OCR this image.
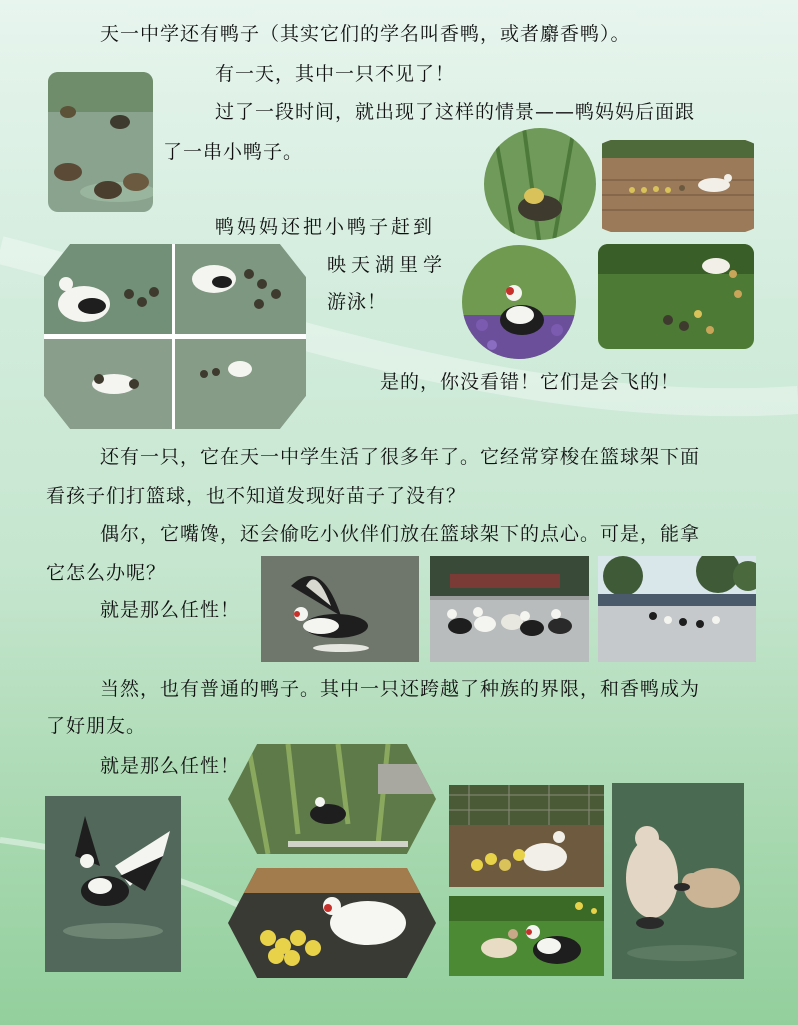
天一中学还有鸭子（其实它们的学名叫香鸭，或者麝香鸭）。
有一天，其中一只不见了！
过了一段时间，就出现了这样的情景——鸭妈妈后面跟
了一串小鸭子。
鸭妈妈还把小鸭子赶到
映天湖里学
游泳！
是的，你没看错！它们是会飞的！
还有一只，它在天一中学生活了很多年了。它经常穿梭在篮球架下面
看孩子们打篮球，也不知道发现好苗子了没有？
偶尔，它嘴馋，还会偷吃小伙伴们放在篮球架下的点心。可是，能拿
它怎么办呢？
就是那么任性！
当然，也有普通的鸭子。其中一只还跨越了种族的界限，和香鸭成为
了好朋友。
就是那么任性！
